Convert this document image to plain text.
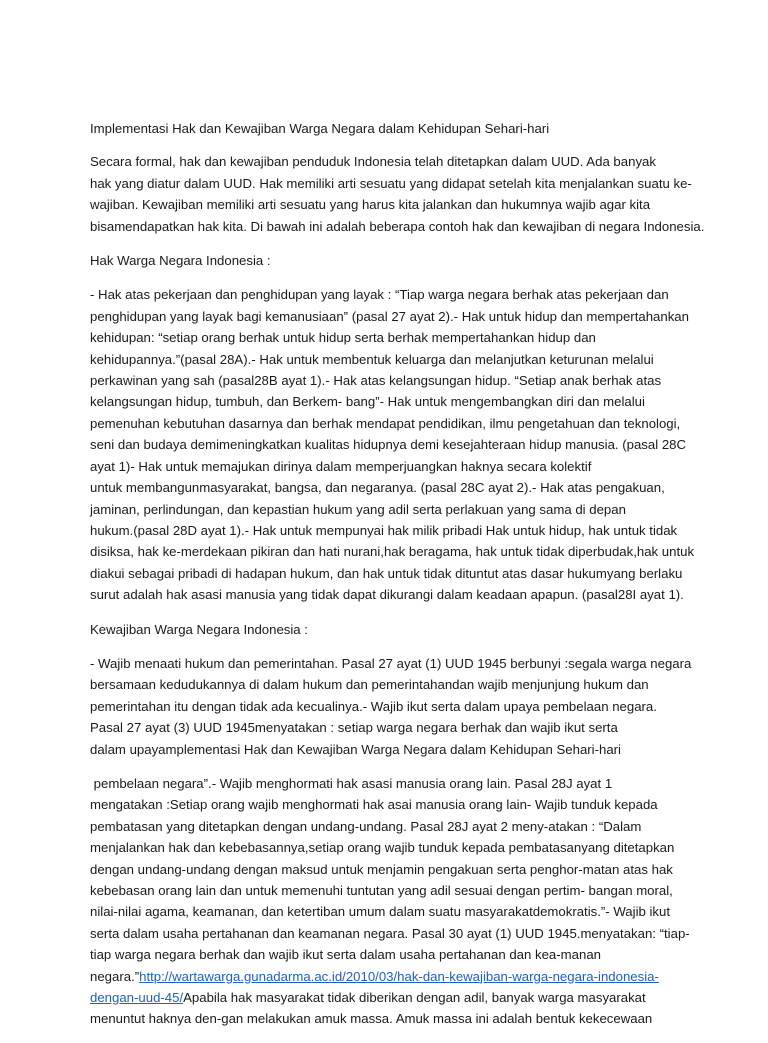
Implementasi Hak dan Kewajiban Warga Negara dalam Kehidupan Sehari-hari
Secara formal, hak dan kewajiban penduduk Indonesia telah ditetapkan dalam UUD. Ada banyak
hak yang diatur dalam UUD. Hak memiliki arti sesuatu yang didapat setelah kita menjalankan suatu ke-
wajiban. Kewajiban memiliki arti sesuatu yang harus kita jalankan dan hukumnya wajib agar kita
bisamendapatkan hak kita. Di bawah ini adalah beberapa contoh hak dan kewajiban di negara Indonesia.
Hak Warga Negara Indonesia :
- Hak atas pekerjaan dan penghidupan yang layak : “Tiap warga negara berhak atas pekerjaan dan
penghidupan yang layak bagi kemanusiaan” (pasal 27 ayat 2).- Hak untuk hidup dan mempertahankan
kehidupan: “setiap orang berhak untuk hidup serta berhak mempertahankan hidup dan
kehidupannya.”(pasal 28A).- Hak untuk membentuk keluarga dan melanjutkan keturunan melalui
perkawinan yang sah (pasal28B ayat 1).- Hak atas kelangsungan hidup. “Setiap anak berhak atas
kelangsungan hidup, tumbuh, dan Berkem- bang”- Hak untuk mengembangkan diri dan melalui
pemenuhan kebutuhan dasarnya dan berhak mendapat pendidikan, ilmu pengetahuan dan teknologi,
seni dan budaya demimeningkatkan kualitas hidupnya demi kesejahteraan hidup manusia. (pasal 28C
ayat 1)- Hak untuk memajukan dirinya dalam memperjuangkan haknya secara kolektif
untuk membangunmasyarakat, bangsa, dan negaranya. (pasal 28C ayat 2).- Hak atas pengakuan,
jaminan, perlindungan, dan kepastian hukum yang adil serta perlakuan yang sama di depan
hukum.(pasal 28D ayat 1).- Hak untuk mempunyai hak milik pribadi Hak untuk hidup, hak untuk tidak
disiksa, hak ke-merdekaan pikiran dan hati nurani,hak beragama, hak untuk tidak diperbudak,hak untuk
diakui sebagai pribadi di hadapan hukum, dan hak untuk tidak dituntut atas dasar hukumyang berlaku
surut adalah hak asasi manusia yang tidak dapat dikurangi dalam keadaan apapun. (pasal28I ayat 1).
Kewajiban Warga Negara Indonesia :
- Wajib menaati hukum dan pemerintahan. Pasal 27 ayat (1) UUD 1945 berbunyi :segala warga negara
bersamaan kedudukannya di dalam hukum dan pemerintahandan wajib menjunjung hukum dan
pemerintahan itu dengan tidak ada kecualinya.- Wajib ikut serta dalam upaya pembelaan negara.
Pasal 27 ayat (3) UUD 1945menyatakan : setiap warga negara berhak dan wajib ikut serta
dalam upayamplementasi Hak dan Kewajiban Warga Negara dalam Kehidupan Sehari-hari
pembelaan negara”.- Wajib menghormati hak asasi manusia orang lain. Pasal 28J ayat 1
mengatakan :Setiap orang wajib menghormati hak asai manusia orang lain- Wajib tunduk kepada
pembatasan yang ditetapkan dengan undang-undang. Pasal 28J ayat 2 meny-atakan : “Dalam
menjalankan hak dan kebebasannya,setiap orang wajib tunduk kepada pembatasanyang ditetapkan
dengan undang-undang dengan maksud untuk menjamin pengakuan serta penghor-matan atas hak
kebebasan orang lain dan untuk memenuhi tuntutan yang adil sesuai dengan pertim- bangan moral,
nilai-nilai agama, keamanan, dan ketertiban umum dalam suatu masyarakatdemokratis.”- Wajib ikut
serta dalam usaha pertahanan dan keamanan negara. Pasal 30 ayat (1) UUD 1945.menyatakan: “tiap-
tiap warga negara berhak dan wajib ikut serta dalam usaha pertahanan dan kea-manan
negara.”http://wartawarga.gunadarma.ac.id/2010/03/hak-dan-kewajiban-warga-negara-indonesia-
dengan-uud-45/Apabila hak masyarakat tidak diberikan dengan adil, banyak warga masyarakat
menuntut haknya den-gan melakukan amuk massa. Amuk massa ini adalah bentuk kekecewaan
